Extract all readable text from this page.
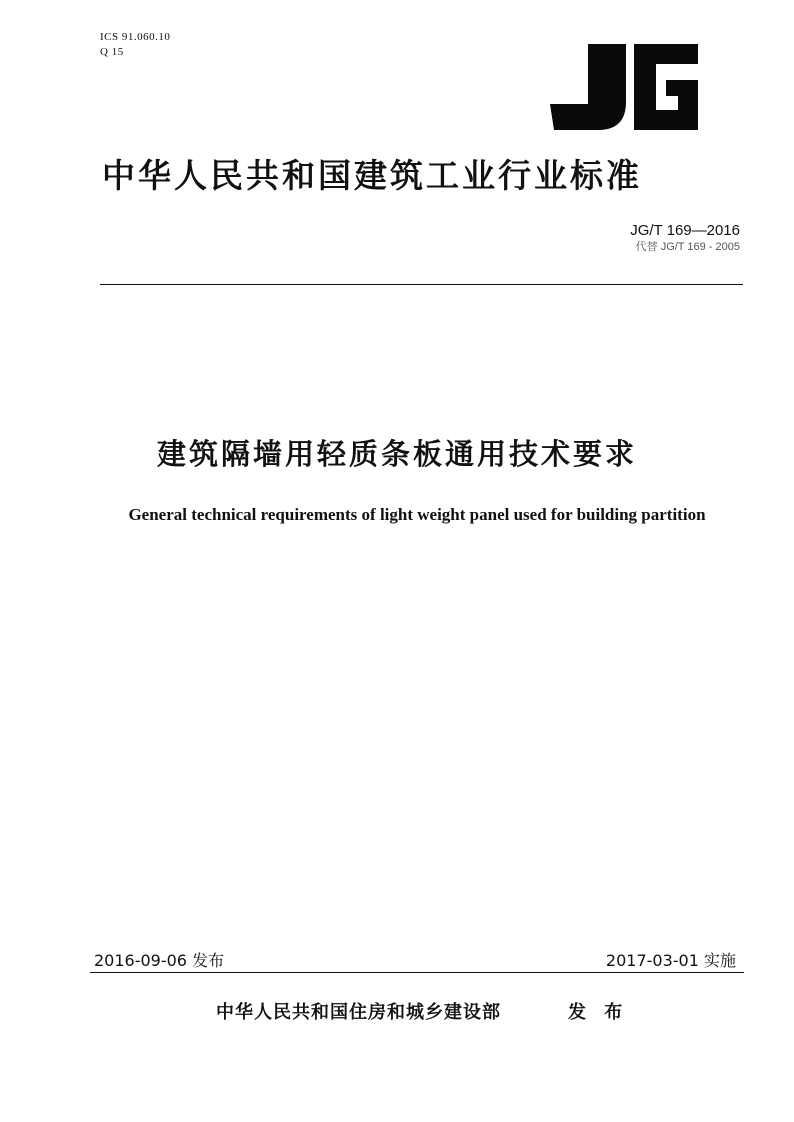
ICS 91.060.10
Q 15
中华人民共和国建筑工业行业标准
JG/T 169—2016
代替 JG/T 169 - 2005
建筑隔墙用轻质条板通用技术要求
General technical requirements of light weight panel used for building partition
2016-09-06 发布	2017-03-01 实施
中华人民共和国住房和城乡建设部	发 布
